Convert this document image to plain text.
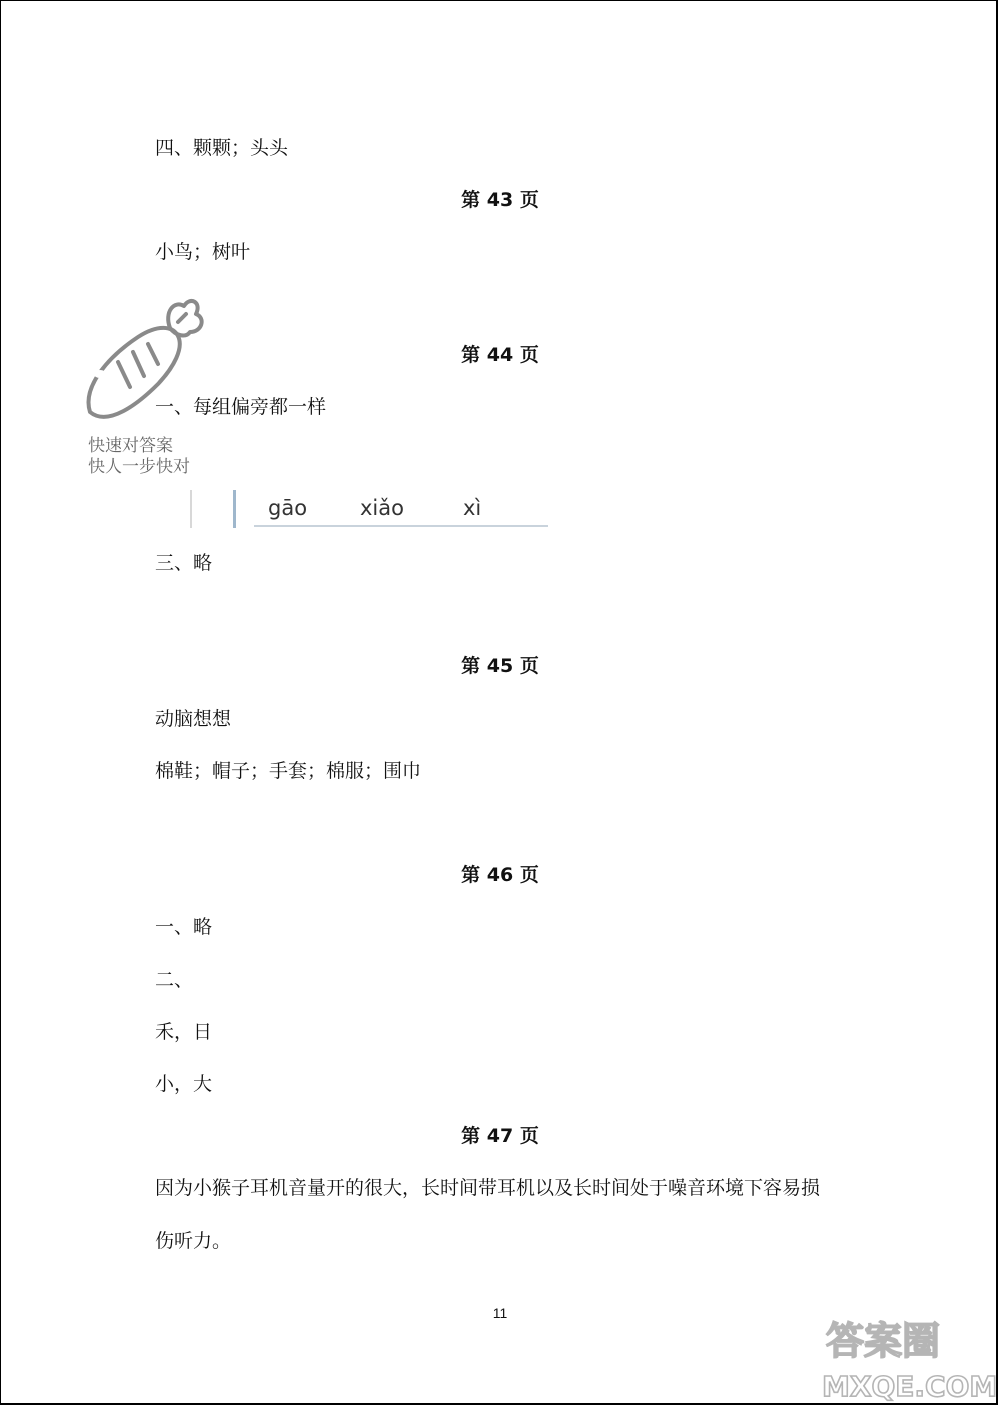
四、颗颗；头头
第 43 页
小鸟；树叶
快速对答案
快人一步快对
第 44 页
一、每组偏旁都一样
gāo	xiǎo	xì
三、略
第 45 页
动脑想想
棉鞋；帽子；手套；棉服；围巾
第 46 页
一、略
二、
禾，日
小，大
第 47 页
因为小猴子耳机音量开的很大，长时间带耳机以及长时间处于噪音环境下容易损
伤听力。
11
答案圈
MXQE.COM
